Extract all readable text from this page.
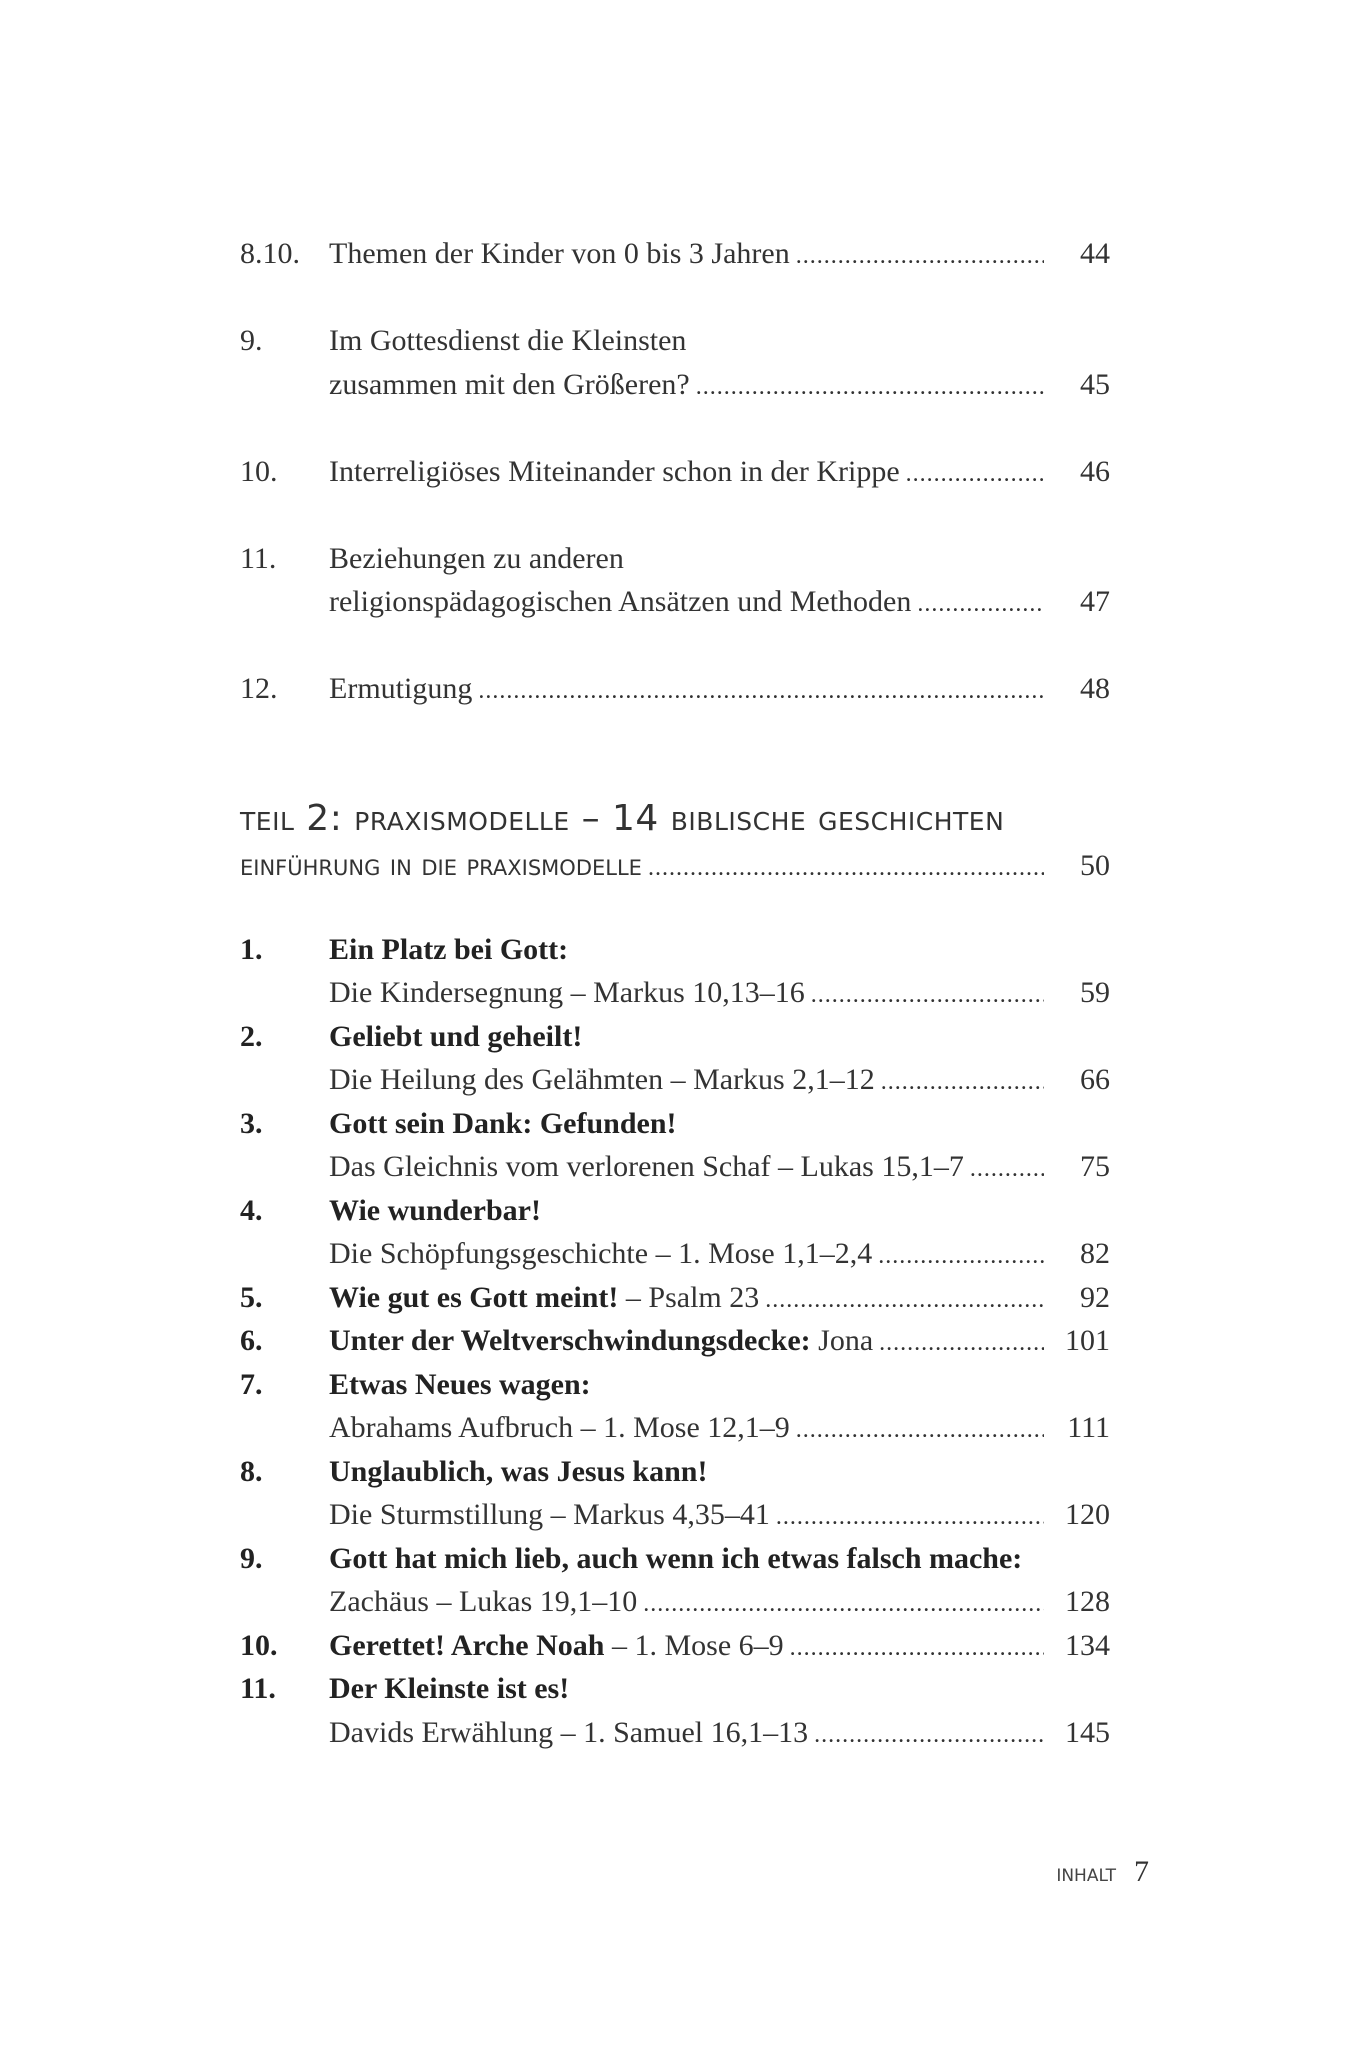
8.10. Themen der Kinder von 0 bis 3 Jahren .....	44
9. Im Gottesdienst die Kleinsten
zusammen mit den Größeren? .....	45
10. Interreligiöses Miteinander schon in der Krippe .....	46
11. Beziehungen zu anderen
religionspädagogischen Ansätzen und Methoden .....	47
12. Ermutigung .....	48
teil 2: praxismodelle – 14 biblische geschichten
einführung in die praxismodelle .....	50
1. Ein Platz bei Gott:
Die Kindersegnung – Markus 10,13–16 .....	59
2. Geliebt und geheilt!
Die Heilung des Gelähmten – Markus 2,1–12 .....	66
3. Gott sein Dank: Gefunden!
Das Gleichnis vom verlorenen Schaf – Lukas 15,1–7 .....	75
4. Wie wunderbar!
Die Schöpfungsgeschichte – 1. Mose 1,1–2,4 .....	82
5. Wie gut es Gott meint! – Psalm 23 .....	92
6. Unter der Weltverschwindungsdecke: Jona .....	101
7. Etwas Neues wagen:
Abrahams Aufbruch – 1. Mose 12,1–9 .....	111
8. Unglaublich, was Jesus kann!
Die Sturmstillung – Markus 4,35–41 .....	120
9. Gott hat mich lieb, auch wenn ich etwas falsch mache:
Zachäus – Lukas 19,1–10 .....	128
10. Gerettet! Arche Noah – 1. Mose 6–9 .....	134
11. Der Kleinste ist es!
Davids Erwählung – 1. Samuel 16,1–13 .....	145
inhalt 7
